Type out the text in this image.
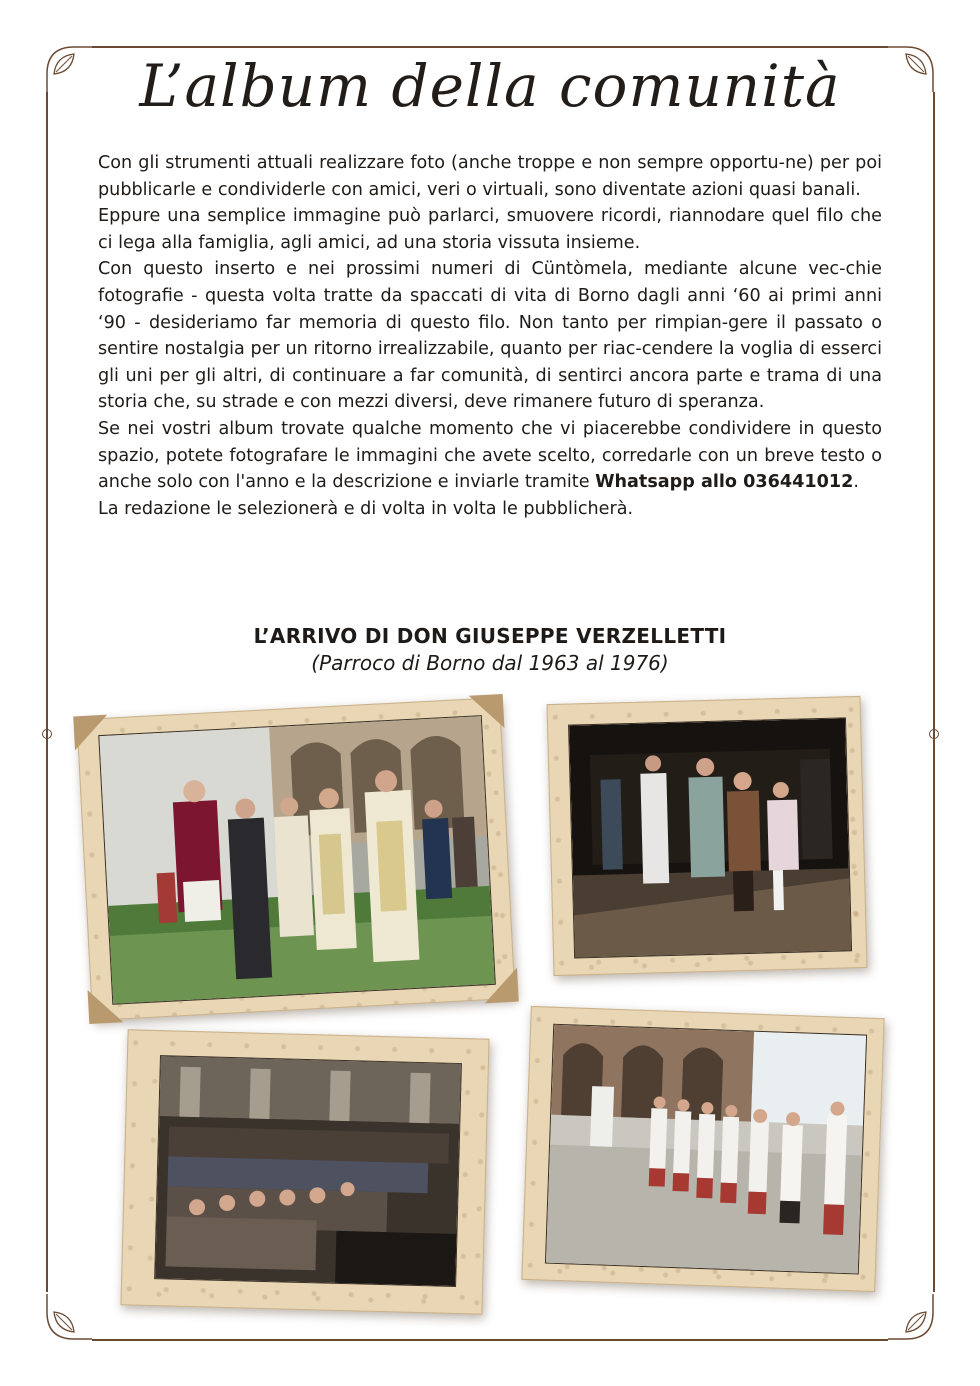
L’album della comunità

Con gli strumenti attuali realizzare foto (anche troppe e non sempre opportu-ne) per poi pubblicarle e condividerle con amici, veri o virtuali, sono diventate azioni quasi banali.

Eppure una semplice immagine può parlarci, smuovere ricordi, riannodare quel filo che ci lega alla famiglia, agli amici, ad una storia vissuta insieme.

Con questo inserto e nei prossimi numeri di Cüntòmela, mediante alcune vec-chie fotografie - questa volta tratte da spaccati di vita di Borno dagli anni ‘60 ai primi anni ‘90 - desideriamo far memoria di questo filo. Non tanto per rimpian-gere il passato o sentire nostalgia per un ritorno irrealizzabile, quanto per riac-cendere la voglia di esserci gli uni per gli altri, di continuare a far comunità, di sentirci ancora parte e trama di una storia che, su strade e con mezzi diversi, deve rimanere futuro di speranza.

Se nei vostri album trovate qualche momento che vi piacerebbe condividere in questo spazio, potete fotografare le immagini che avete scelto, corredarle con un breve testo o anche solo con l'anno e la descrizione e inviarle tramite Whatsapp allo 036441012.

La redazione le selezionerà e di volta in volta le pubblicherà.

L’ARRIVO DI DON GIUSEPPE VERZELLETTI
(Parroco di Borno dal 1963 al 1976)
